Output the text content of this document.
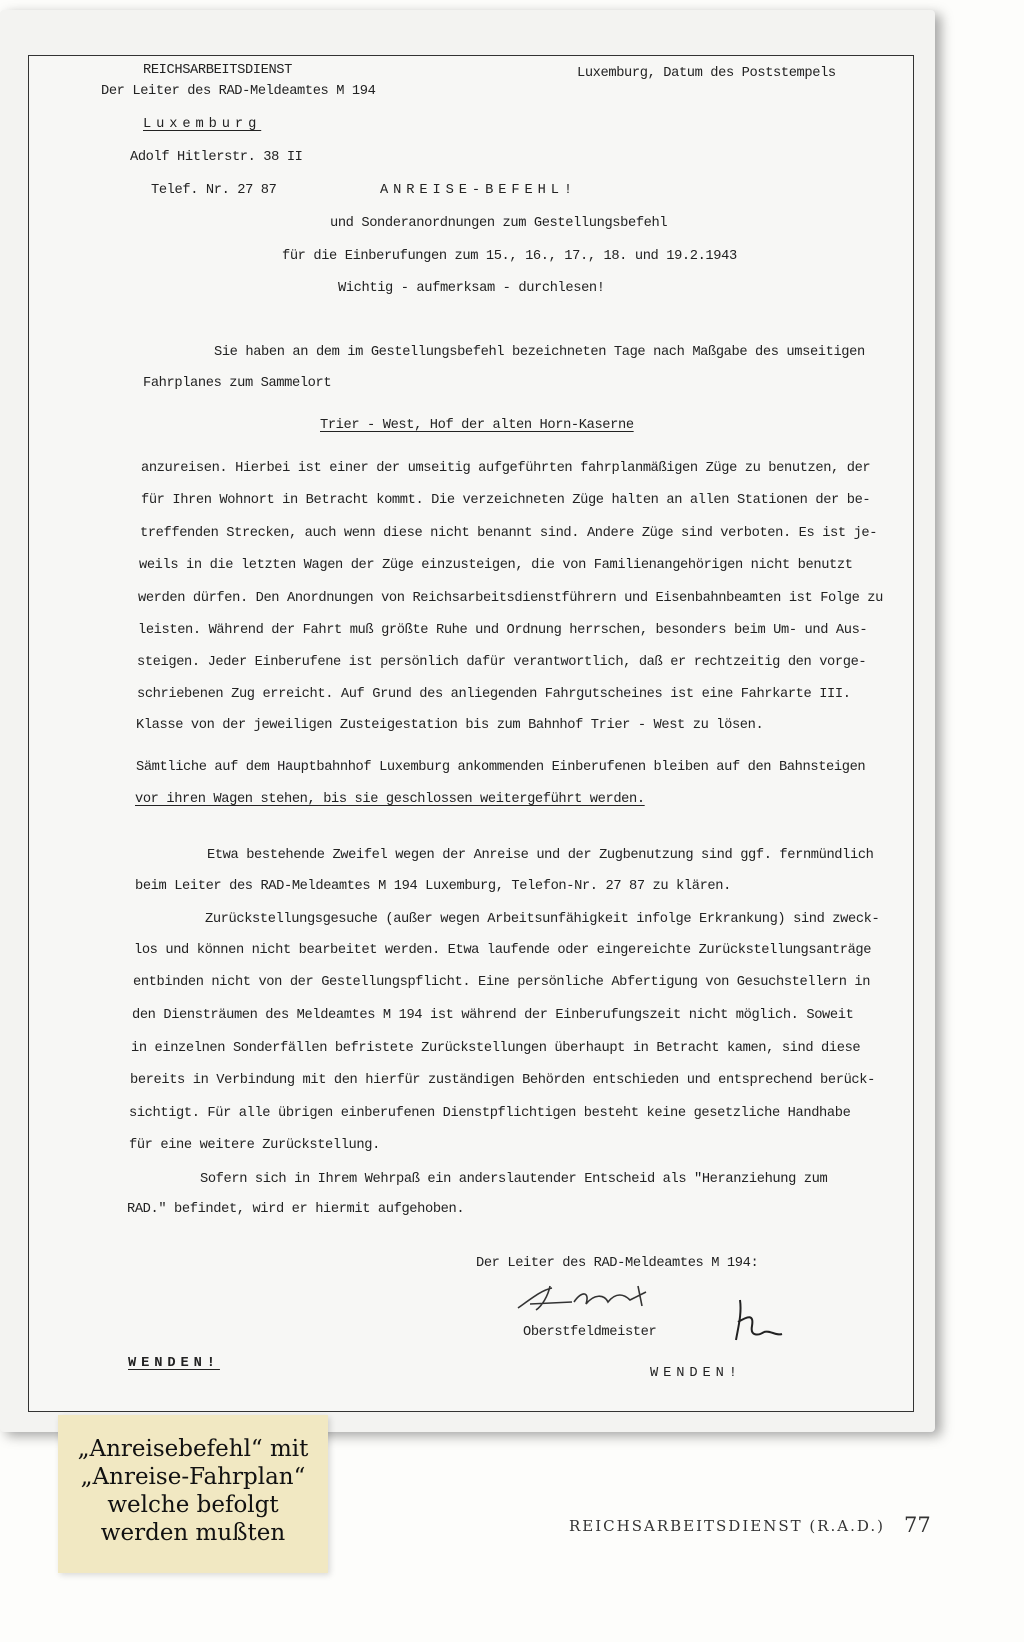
REICHSARBEITSDIENST
Der Leiter des RAD-Meldeamtes M 194
Luxemburg
Adolf Hitlerstr. 38 II
Telef. Nr. 27 87
Luxemburg, Datum des Poststempels
ANREISE-BEFEHL!
und Sonderanordnungen zum Gestellungsbefehl
für die Einberufungen zum 15., 16., 17., 18. und 19.2.1943
Wichtig - aufmerksam - durchlesen!
Sie haben an dem im Gestellungsbefehl bezeichneten Tage nach Maßgabe des umseitigen
Fahrplanes zum Sammelort
Trier - West, Hof der alten Horn-Kaserne
anzureisen. Hierbei ist einer der umseitig aufgeführten fahrplanmäßigen Züge zu benutzen, der
für Ihren Wohnort in Betracht kommt. Die verzeichneten Züge halten an allen Stationen der be-
treffenden Strecken, auch wenn diese nicht benannt sind. Andere Züge sind verboten. Es ist je-
weils in die letzten Wagen der Züge einzusteigen, die von Familienangehörigen nicht benutzt
werden dürfen. Den Anordnungen von Reichsarbeitsdienstführern und Eisenbahnbeamten ist Folge zu
leisten. Während der Fahrt muß größte Ruhe und Ordnung herrschen, besonders beim Um- und Aus-
steigen. Jeder Einberufene ist persönlich dafür verantwortlich, daß er rechtzeitig den vorge-
schriebenen Zug erreicht. Auf Grund des anliegenden Fahrgutscheines ist eine Fahrkarte III.
Klasse von der jeweiligen Zusteigestation bis zum Bahnhof Trier - West zu lösen.
Sämtliche auf dem Hauptbahnhof Luxemburg ankommenden Einberufenen bleiben auf den Bahnsteigen
vor ihren Wagen stehen, bis sie geschlossen weitergeführt werden.
Etwa bestehende Zweifel wegen der Anreise und der Zugbenutzung sind ggf. fernmündlich
beim Leiter des RAD-Meldeamtes M 194 Luxemburg, Telefon-Nr. 27 87 zu klären.
Zurückstellungsgesuche (außer wegen Arbeitsunfähigkeit infolge Erkrankung) sind zweck-
los und können nicht bearbeitet werden. Etwa laufende oder eingereichte Zurückstellungsanträge
entbinden nicht von der Gestellungspflicht. Eine persönliche Abfertigung von Gesuchstellern in
den Diensträumen des Meldeamtes M 194 ist während der Einberufungszeit nicht möglich. Soweit
in einzelnen Sonderfällen befristete Zurückstellungen überhaupt in Betracht kamen, sind diese
bereits in Verbindung mit den hierfür zuständigen Behörden entschieden und entsprechend berück-
sichtigt. Für alle übrigen einberufenen Dienstpflichtigen besteht keine gesetzliche Handhabe
für eine weitere Zurückstellung.
Sofern sich in Ihrem Wehrpaß ein anderslautender Entscheid als "Heranziehung zum
RAD." befindet, wird er hiermit aufgehoben.
Der Leiter des RAD-Meldeamtes M 194:
Oberstfeldmeister
WENDEN!
WENDEN!
„Anreisebefehl“ mit
„Anreise-Fahrplan“
welche befolgt
werden mußten	REICHSARBEITSDIENST (R.A.D.) 77
